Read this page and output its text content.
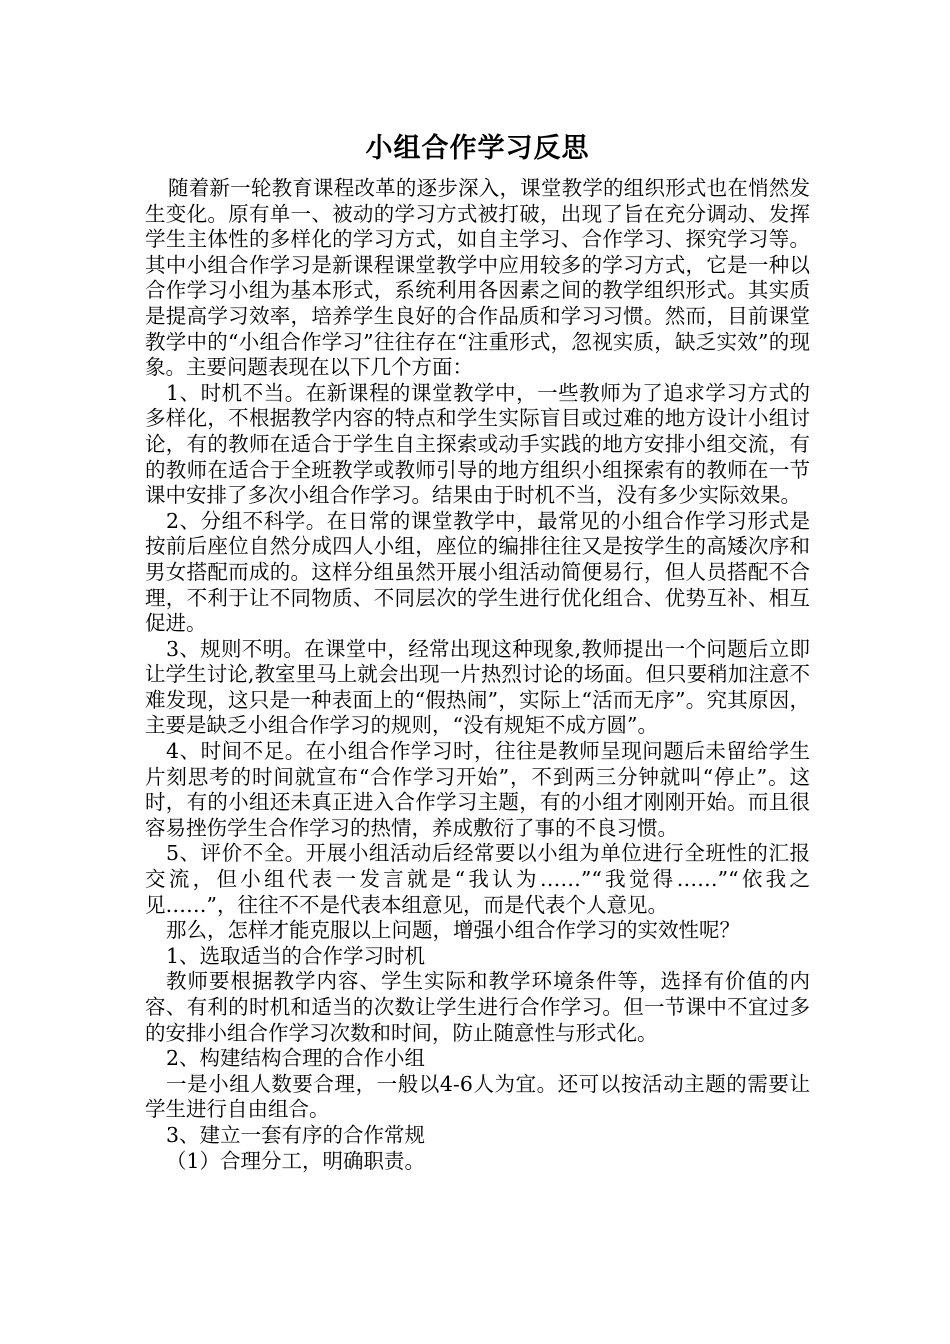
小组合作学习反思

随着新一轮教育课程改革的逐步深入，课堂教学的组织形式也在悄然发生变化。原有单一、被动的学习方式被打破，出现了旨在充分调动、发挥学生主体性的多样化的学习方式，如自主学习、合作学习、探究学习等。其中小组合作学习是新课程课堂教学中应用较多的学习方式，它是一种以合作学习小组为基本形式，系统利用各因素之间的教学组织形式。其实质是提高学习效率，培养学生良好的合作品质和学习习惯。然而，目前课堂教学中的“小组合作学习”往往存在“注重形式，忽视实质，缺乏实效”的现象。主要问题表现在以下几个方面：

1、时机不当。在新课程的课堂教学中，一些教师为了追求学习方式的多样化，不根据教学内容的特点和学生实际盲目或过难的地方设计小组讨论，有的教师在适合于学生自主探索或动手实践的地方安排小组交流，有的教师在适合于全班教学或教师引导的地方组织小组探索有的教师在一节课中安排了多次小组合作学习。结果由于时机不当，没有多少实际效果。

2、分组不科学。在日常的课堂教学中，最常见的小组合作学习形式是按前后座位自然分成四人小组，座位的编排往往又是按学生的高矮次序和男女搭配而成的。这样分组虽然开展小组活动简便易行，但人员搭配不合理，不利于让不同物质、不同层次的学生进行优化组合、优势互补、相互促进。

3、规则不明。在课堂中，经常出现这种现象,教师提出一个问题后立即让学生讨论,教室里马上就会出现一片热烈讨论的场面。但只要稍加注意不难发现，这只是一种表面上的“假热闹”，实际上“活而无序”。究其原因，主要是缺乏小组合作学习的规则，“没有规矩不成方圆”。

4、时间不足。在小组合作学习时，往往是教师呈现问题后未留给学生片刻思考的时间就宣布“合作学习开始”，不到两三分钟就叫“停止”。这时，有的小组还未真正进入合作学习主题，有的小组才刚刚开始。而且很容易挫伤学生合作学习的热情，养成敷衍了事的不良习惯。

5、评价不全。开展小组活动后经常要以小组为单位进行全班性的汇报交流，但小组代表一发言就是“我认为……”“我觉得……”“依我之见……”，往往不不是代表本组意见，而是代表个人意见。

那么，怎样才能克服以上问题，增强小组合作学习的实效性呢？

1、选取适当的合作学习时机

教师要根据教学内容、学生实际和教学环境条件等，选择有价值的内容、有利的时机和适当的次数让学生进行合作学习。但一节课中不宜过多的安排小组合作学习次数和时间，防止随意性与形式化。

2、构建结构合理的合作小组

一是小组人数要合理，一般以4-6人为宜。还可以按活动主题的需要让学生进行自由组合。

3、建立一套有序的合作常规

（1）合理分工，明确职责。
